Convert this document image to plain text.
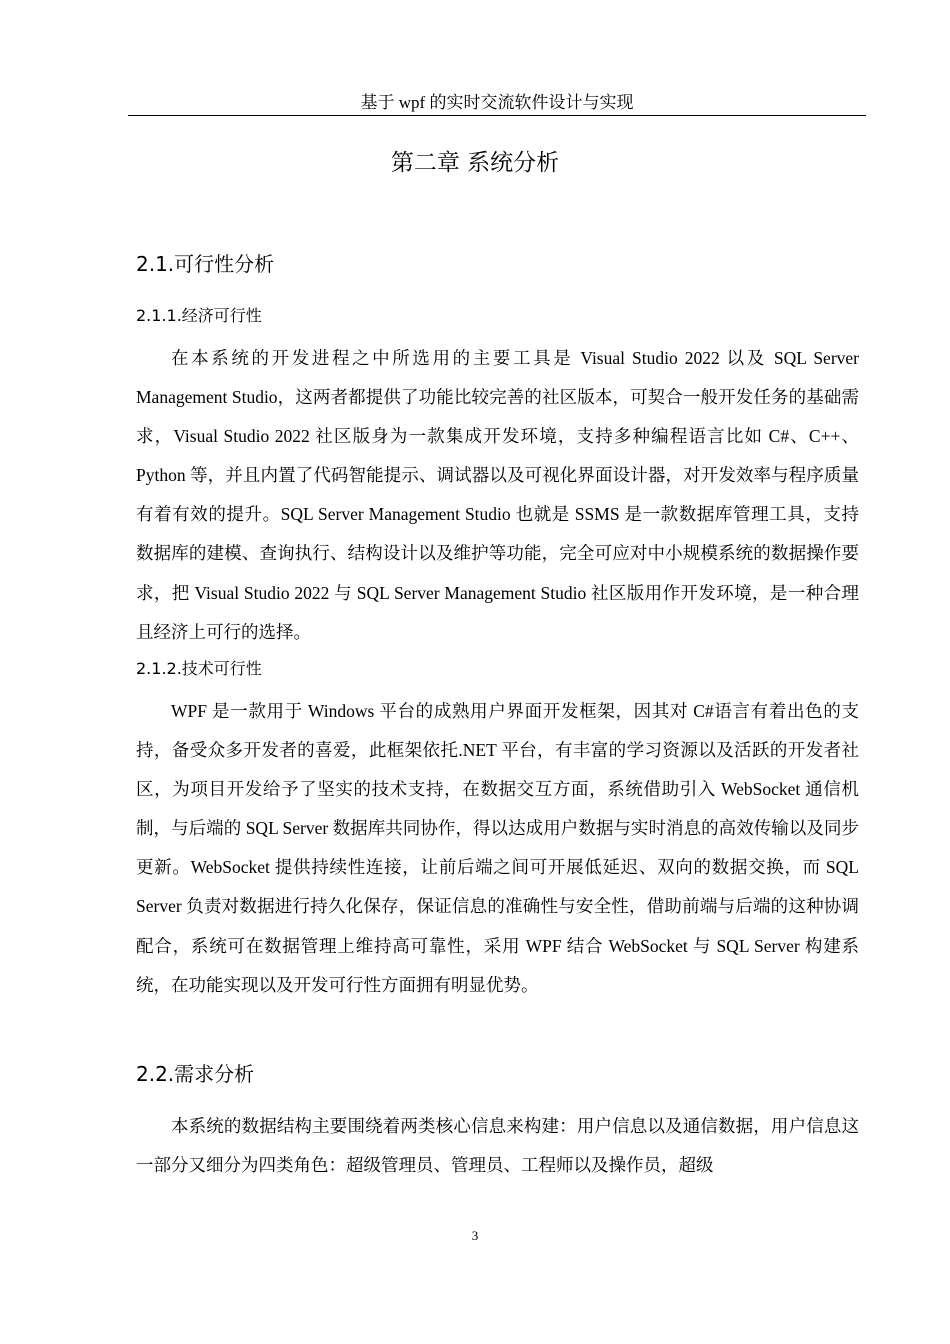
基于 wpf 的实时交流软件设计与实现
第二章 系统分析
2.1.可行性分析
2.1.1.经济可行性

在本系统的开发进程之中所选用的主要工具是 Visual Studio 2022 以及 SQL Server Management Studio，这两者都提供了功能比较完善的社区版本，可契合一般开发任务的基础需求，Visual Studio 2022 社区版身为一款集成开发环境，支持多种编程语言比如 C#、C++、Python 等，并且内置了代码智能提示、调试器以及可视化界面设计器，对开发效率与程序质量有着有效的提升。SQL Server Management Studio 也就是 SSMS 是一款数据库管理工具，支持数据库的建模、查询执行、结构设计以及维护等功能，完全可应对中小规模系统的数据操作要求，把 Visual Studio 2022 与 SQL Server Management Studio 社区版用作开发环境，是一种合理且经济上可行的选择。

2.1.2.技术可行性

WPF 是一款用于 Windows 平台的成熟用户界面开发框架，因其对 C#语言有着出色的支持，备受众多开发者的喜爱，此框架依托.NET 平台，有丰富的学习资源以及活跃的开发者社区，为项目开发给予了坚实的技术支持，在数据交互方面，系统借助引入 WebSocket 通信机制，与后端的 SQL Server 数据库共同协作，得以达成用户数据与实时消息的高效传输以及同步更新。WebSocket 提供持续性连接，让前后端之间可开展低延迟、双向的数据交换，而 SQL Server 负责对数据进行持久化保存，保证信息的准确性与安全性，借助前端与后端的这种协调配合，系统可在数据管理上维持高可靠性，采用 WPF 结合 WebSocket 与 SQL Server 构建系统，在功能实现以及开发可行性方面拥有明显优势。

2.2.需求分析

本系统的数据结构主要围绕着两类核心信息来构建：用户信息以及通信数据，用户信息这一部分又细分为四类角色：超级管理员、管理员、工程师以及操作员，超级

3
